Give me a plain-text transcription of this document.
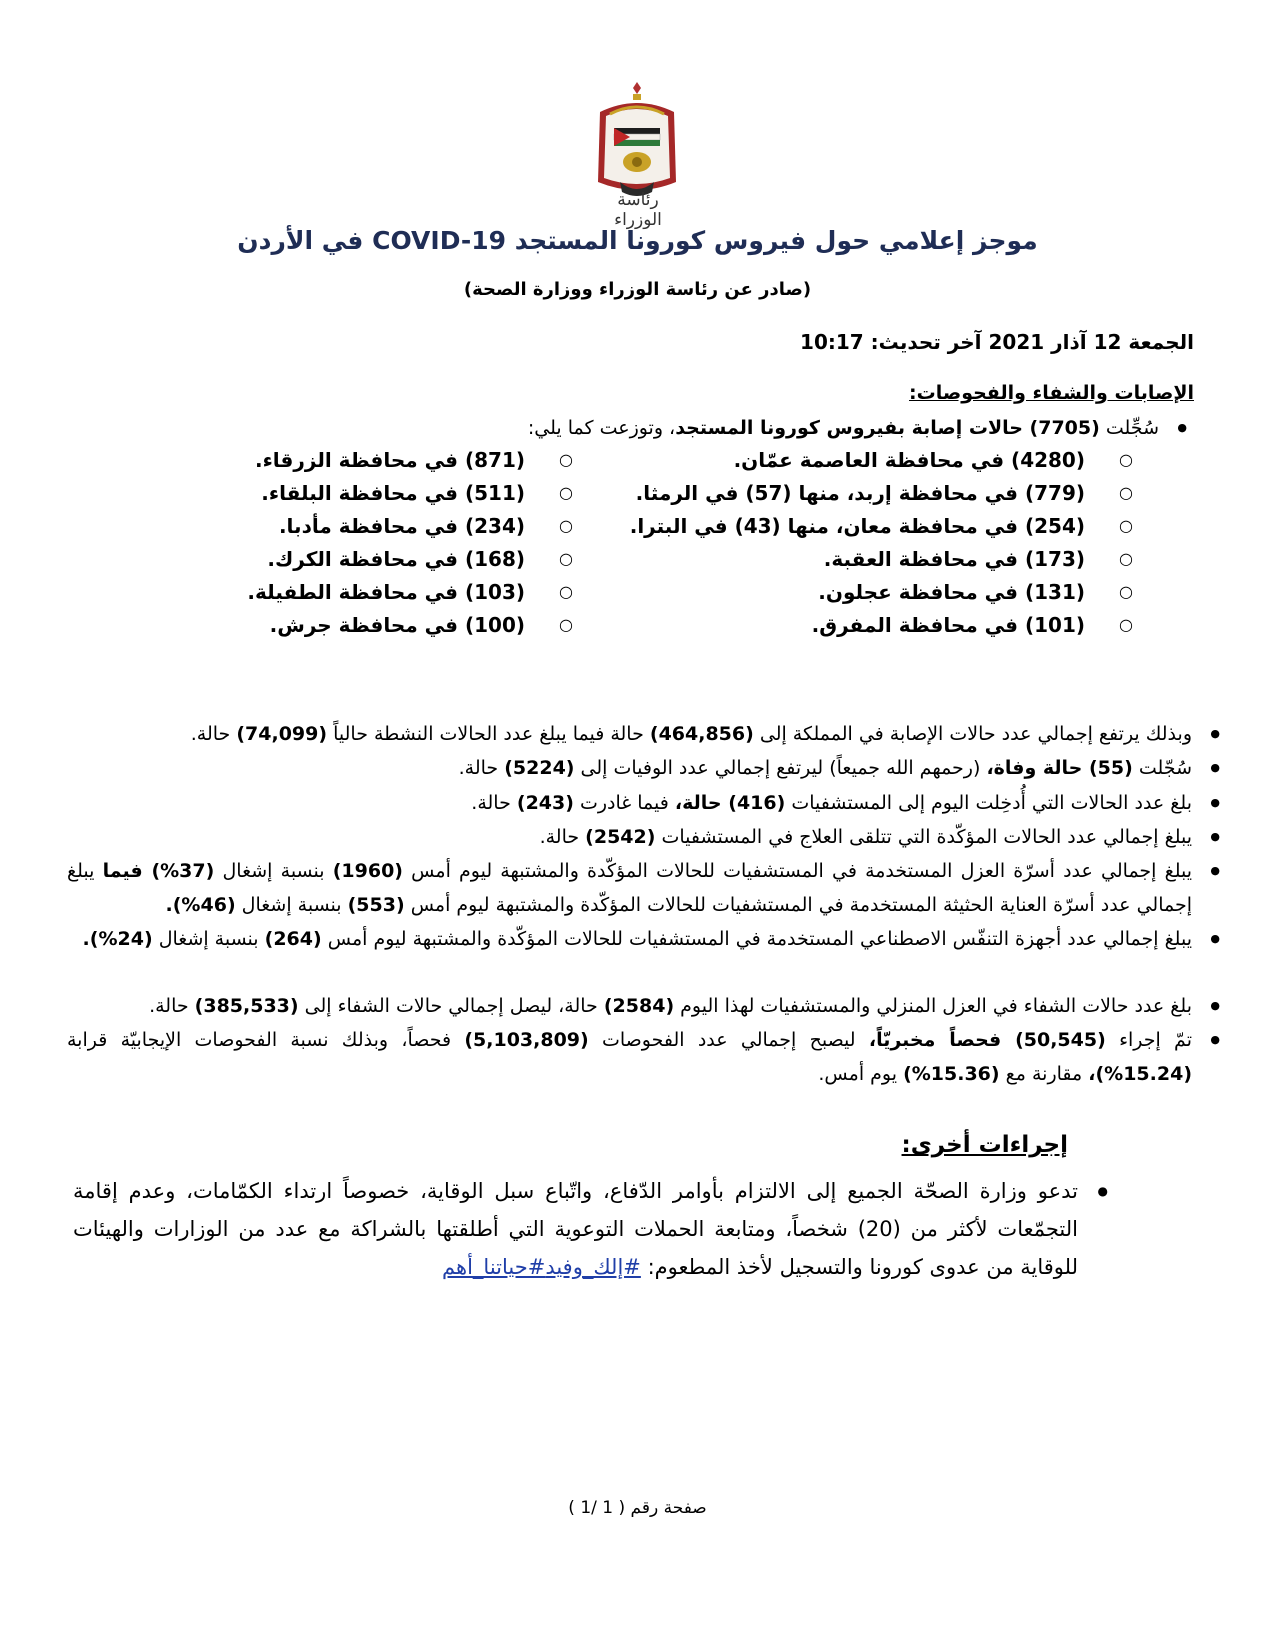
رئاسة الوزراء
موجز إعلامي حول فيروس كورونا المستجد COVID-19 في الأردن
(صادر عن رئاسة الوزراء ووزارة الصحة)
الجمعة 12 آذار 2021 آخر تحديث: 10:17
الإصابات والشفاء والفحوصات:
● سُجِّلت (7705) حالات إصابة بفيروس كورونا المستجد، وتوزعت كما يلي:
○ (4280) في محافظة العاصمة عمّان.
○ (871) في محافظة الزرقاء.
○ (779) في محافظة إربد، منها (57) في الرمثا.
○ (511) في محافظة البلقاء.
○ (254) في محافظة معان، منها (43) في البترا.
○ (234) في محافظة مأدبا.
○ (173) في محافظة العقبة.
○ (168) في محافظة الكرك.
○ (131) في محافظة عجلون.
○ (103) في محافظة الطفيلة.
○ (101) في محافظة المفرق.
○ (100) في محافظة جرش.
● وبذلك يرتفع إجمالي عدد حالات الإصابة في المملكة إلى (464,856) حالة فيما يبلغ عدد الحالات النشطة حالياً (74,099) حالة.
● سُجّلت (55) حالة وفاة، (رحمهم الله جميعاً) ليرتفع إجمالي عدد الوفيات إلى (5224) حالة.
● بلغ عدد الحالات التي أُدخِلت اليوم إلى المستشفيات (416) حالة، فيما غادرت (243) حالة.
● يبلغ إجمالي عدد الحالات المؤكّدة التي تتلقى العلاج في المستشفيات (2542) حالة.
● يبلغ إجمالي عدد أسرّة العزل المستخدمة في المستشفيات للحالات المؤكّدة والمشتبهة ليوم أمس (1960) بنسبة إشغال (37%) فيما يبلغ إجمالي عدد أسرّة العناية الحثيثة المستخدمة في المستشفيات للحالات المؤكّدة والمشتبهة ليوم أمس (553) بنسبة إشغال (46%).
● يبلغ إجمالي عدد أجهزة التنفّس الاصطناعي المستخدمة في المستشفيات للحالات المؤكّدة والمشتبهة ليوم أمس (264) بنسبة إشغال (24%).
● بلغ عدد حالات الشفاء في العزل المنزلي والمستشفيات لهذا اليوم (2584) حالة، ليصل إجمالي حالات الشفاء إلى (385,533) حالة.
● تمّ إجراء (50,545) فحصاً مخبريّاً، ليصبح إجمالي عدد الفحوصات (5,103,809) فحصاً، وبذلك نسبة الفحوصات الإيجابيّة قرابة (15.24%)، مقارنة مع (15.36%) يوم أمس.
إجراءات أخرى:
● تدعو وزارة الصحّة الجميع إلى الالتزام بأوامر الدّفاع، واتّباع سبل الوقاية، خصوصاً ارتداء الكمّامات، وعدم إقامة التجمّعات لأكثر من (20) شخصاً، ومتابعة الحملات التوعوية التي أطلقتها بالشراكة مع عدد من الوزارات والهيئات للوقاية من عدوى كورونا والتسجيل لأخذ المطعوم: #إلك_وفيد#حياتنا_أهم
صفحة رقم ( 1 /1 )
